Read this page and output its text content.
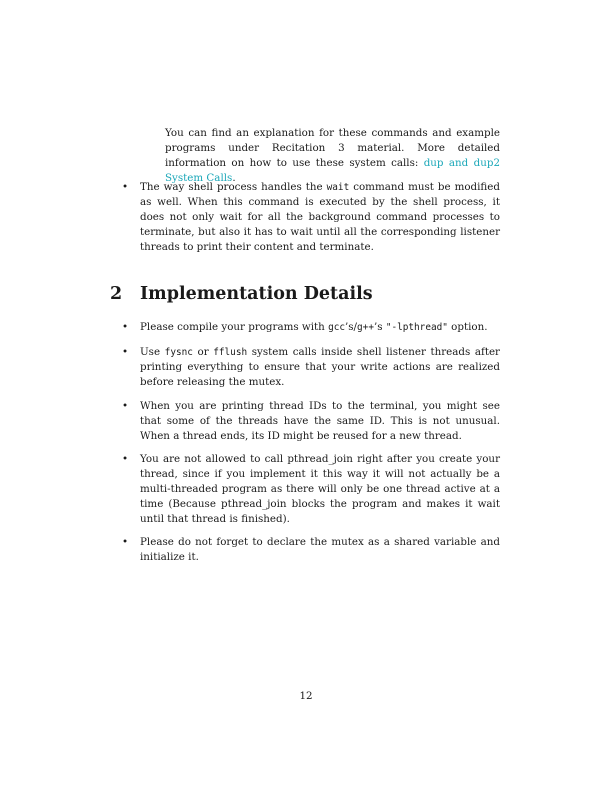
You can find an explanation for these commands and example programs under Recitation 3 material. More detailed information on how to use these system calls: dup and dup2 System Calls.

• The way shell process handles the wait command must be modified as well. When this command is executed by the shell process, it does not only wait for all the background command processes to terminate, but also it has to wait until all the corresponding listener threads to print their content and terminate.

2 Implementation Details
• Please compile your programs with gcc’s/g++’s "-lpthread" option.

• Use fysnc or fflush system calls inside shell listener threads after printing everything to ensure that your write actions are realized before releasing the mutex.

• When you are printing thread IDs to the terminal, you might see that some of the threads have the same ID. This is not unusual. When a thread ends, its ID might be reused for a new thread.

• You are not allowed to call pthread_join right after you create your thread, since if you implement it this way it will not actually be a multi-threaded program as there will only be one thread active at a time (Because pthread_join blocks the program and makes it wait until that thread is finished).

• Please do not forget to declare the mutex as a shared variable and initialize it.

12
